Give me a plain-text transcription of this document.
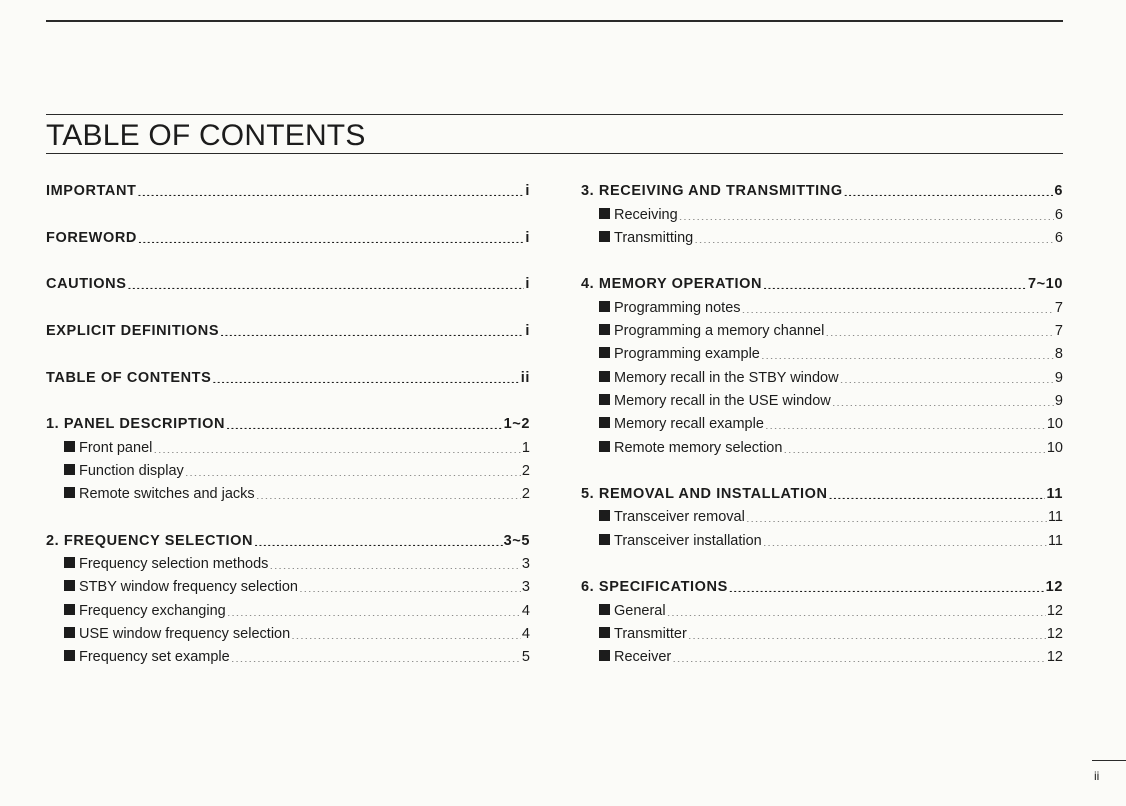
TABLE OF CONTENTS
IMPORTANT .....	i
FOREWORD .....	i
CAUTIONS .....	i
EXPLICIT DEFINITIONS .....	i
TABLE OF CONTENTS .....	ii
1. PANEL DESCRIPTION .....	1~2
Front panel .....	1
Function display .....	2
Remote switches and jacks .....	2
2. FREQUENCY SELECTION .....	3~5
Frequency selection methods .....	3
STBY window frequency selection .....	3
Frequency exchanging .....	4
USE window frequency selection .....	4
Frequency set example .....	5
3. RECEIVING AND TRANSMITTING .....	6
Receiving .....	6
Transmitting .....	6
4. MEMORY OPERATION .....	7~10
Programming notes .....	7
Programming a memory channel .....	7
Programming example .....	8
Memory recall in the STBY window .....	9
Memory recall in the USE window .....	9
Memory recall example .....	10
Remote memory selection .....	10
5. REMOVAL AND INSTALLATION .....	11
Transceiver removal .....	11
Transceiver installation .....	11
6. SPECIFICATIONS .....	12
General .....	12
Transmitter .....	12
Receiver .....	12
ii
